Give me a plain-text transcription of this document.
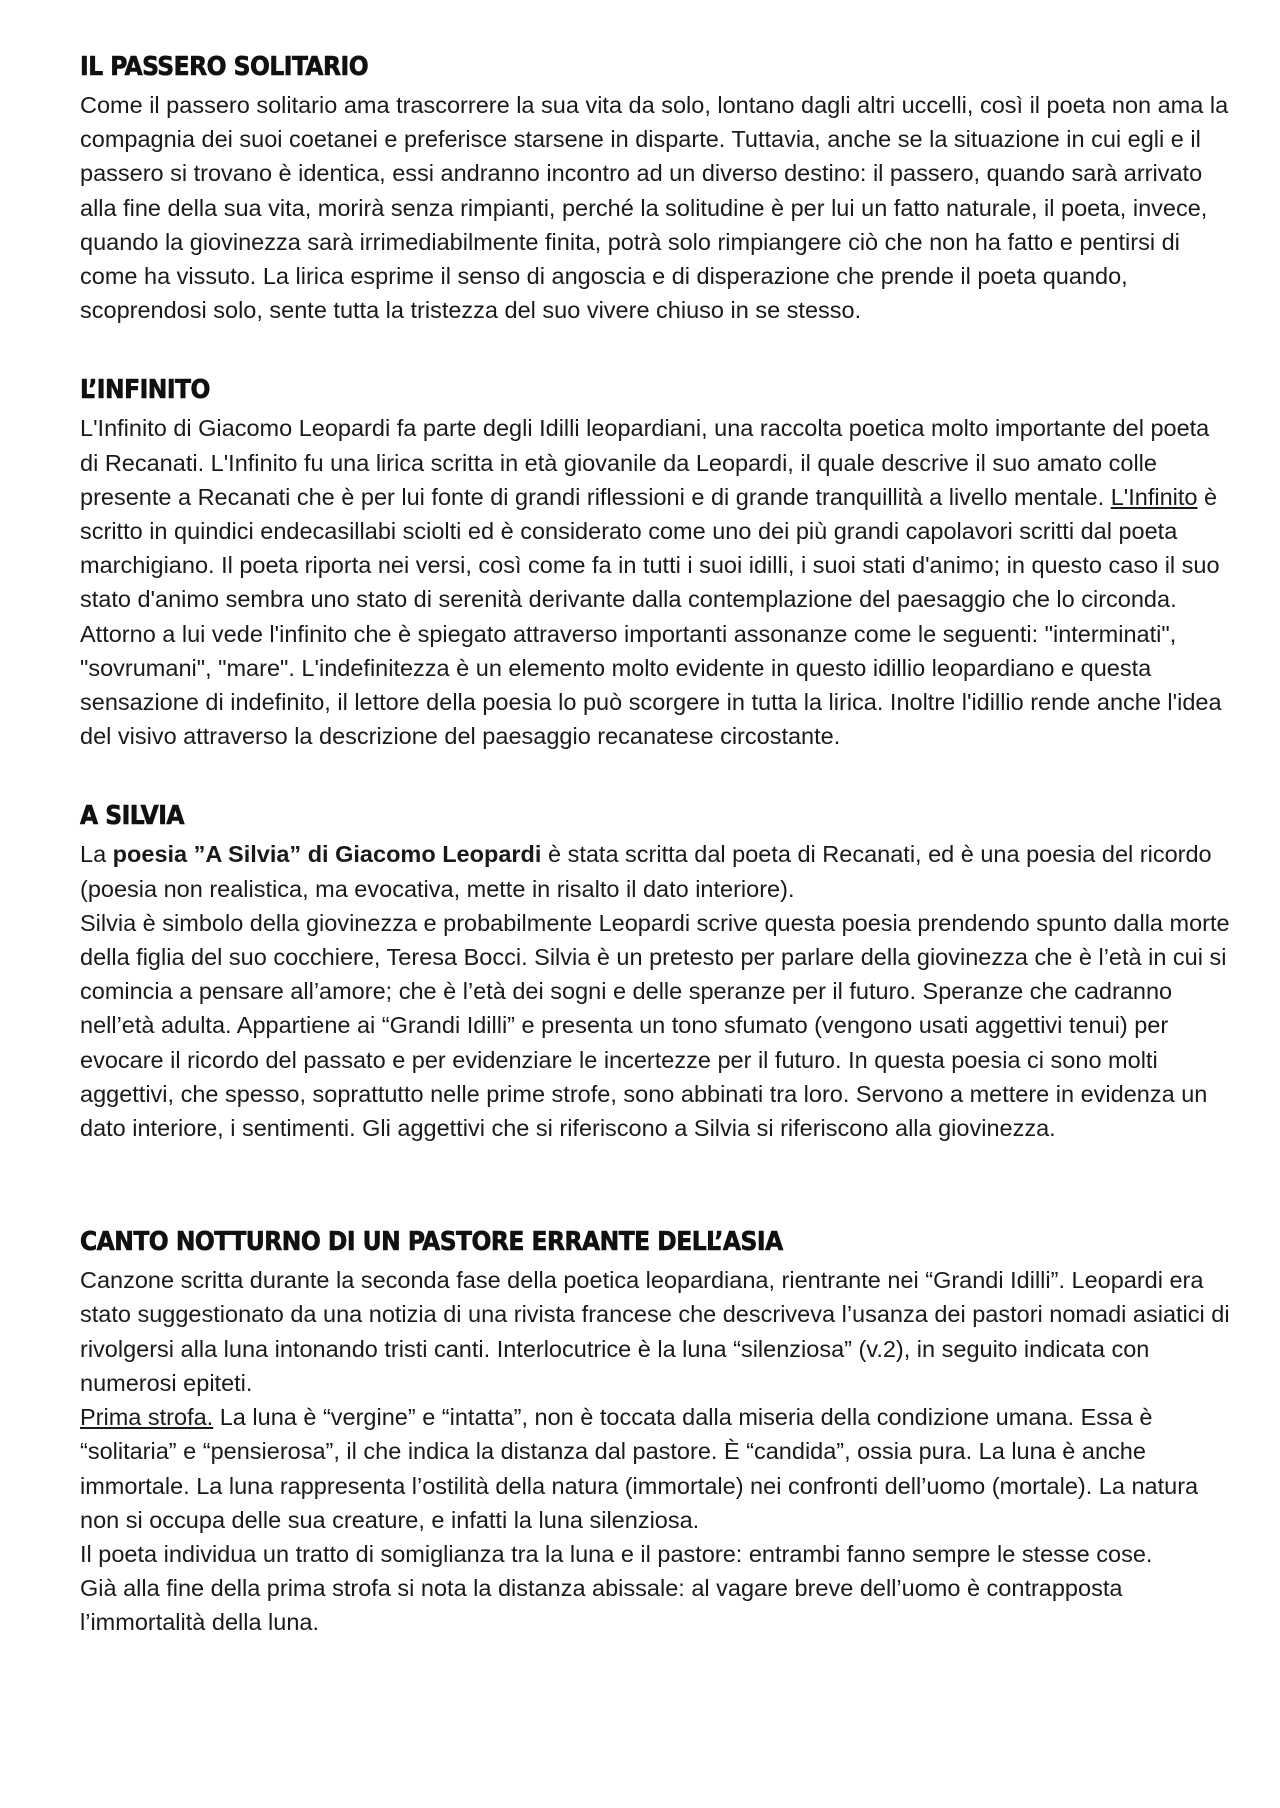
IL PASSERO SOLITARIO

Come il passero solitario ama trascorrere la sua vita da solo, lontano dagli altri uccelli, così il poeta non ama la compagnia dei suoi coetanei e preferisce starsene in disparte. Tuttavia, anche se la situazione in cui egli e il passero si trovano è identica, essi andranno incontro ad un diverso destino: il passero, quando sarà arrivato alla fine della sua vita, morirà senza rimpianti, perché la solitudine è per lui un fatto naturale, il poeta, invece, quando la giovinezza sarà irrimediabilmente finita, potrà solo rimpiangere ciò che non ha fatto e pentirsi di come ha vissuto. La lirica esprime il senso di angoscia e di disperazione che prende il poeta quando, scoprendosi solo, sente tutta la tristezza del suo vivere chiuso in se stesso.

L’INFINITO

L'Infinito di Giacomo Leopardi fa parte degli Idilli leopardiani, una raccolta poetica molto importante del poeta di Recanati. L'Infinito fu una lirica scritta in età giovanile da Leopardi, il quale descrive il suo amato colle presente a Recanati che è per lui fonte di grandi riflessioni e di grande tranquillità a livello mentale. L'Infinito è scritto in quindici endecasillabi sciolti ed è considerato come uno dei più grandi capolavori scritti dal poeta marchigiano. Il poeta riporta nei versi, così come fa in tutti i suoi idilli, i suoi stati d'animo; in questo caso il suo stato d'animo sembra uno stato di serenità derivante dalla contemplazione del paesaggio che lo circonda. Attorno a lui vede l'infinito che è spiegato attraverso importanti assonanze come le seguenti: "interminati", "sovrumani", "mare". L'indefinitezza è un elemento molto evidente in questo idillio leopardiano e questa sensazione di indefinito, il lettore della poesia lo può scorgere in tutta la lirica. Inoltre l'idillio rende anche l'idea del visivo attraverso la descrizione del paesaggio recanatese circostante.

A SILVIA

La poesia ”A Silvia” di Giacomo Leopardi è stata scritta dal poeta di Recanati, ed è una poesia del ricordo (poesia non realistica, ma evocativa, mette in risalto il dato interiore).

Silvia è simbolo della giovinezza e probabilmente Leopardi scrive questa poesia prendendo spunto dalla morte della figlia del suo cocchiere, Teresa Bocci. Silvia è un pretesto per parlare della giovinezza che è l’età in cui si comincia a pensare all’amore; che è l’età dei sogni e delle speranze per il futuro. Speranze che cadranno nell’età adulta. Appartiene ai “Grandi Idilli” e presenta un tono sfumato (vengono usati aggettivi tenui) per evocare il ricordo del passato e per evidenziare le incertezze per il futuro. In questa poesia ci sono molti aggettivi, che spesso, soprattutto nelle prime strofe, sono abbinati tra loro. Servono a mettere in evidenza un dato interiore, i sentimenti. Gli aggettivi che si riferiscono a Silvia si riferiscono alla giovinezza.

CANTO NOTTURNO DI UN PASTORE ERRANTE DELL’ASIA

Canzone scritta durante la seconda fase della poetica leopardiana, rientrante nei “Grandi Idilli”. Leopardi era stato suggestionato da una notizia di una rivista francese che descriveva l’usanza dei pastori nomadi asiatici di rivolgersi alla luna intonando tristi canti. Interlocutrice è la luna “silenziosa” (v.2), in seguito indicata con numerosi epiteti.

Prima strofa. La luna è “vergine” e “intatta”, non è toccata dalla miseria della condizione umana. Essa è “solitaria” e “pensierosa”, il che indica la distanza dal pastore. È “candida”, ossia pura. La luna è anche immortale. La luna rappresenta l’ostilità della natura (immortale) nei confronti dell’uomo (mortale). La natura non si occupa delle sua creature, e infatti la luna silenziosa.

Il poeta individua un tratto di somiglianza tra la luna e il pastore: entrambi fanno sempre le stesse cose.

Già alla fine della prima strofa si nota la distanza abissale: al vagare breve dell’uomo è contrapposta l’immortalità della luna.
